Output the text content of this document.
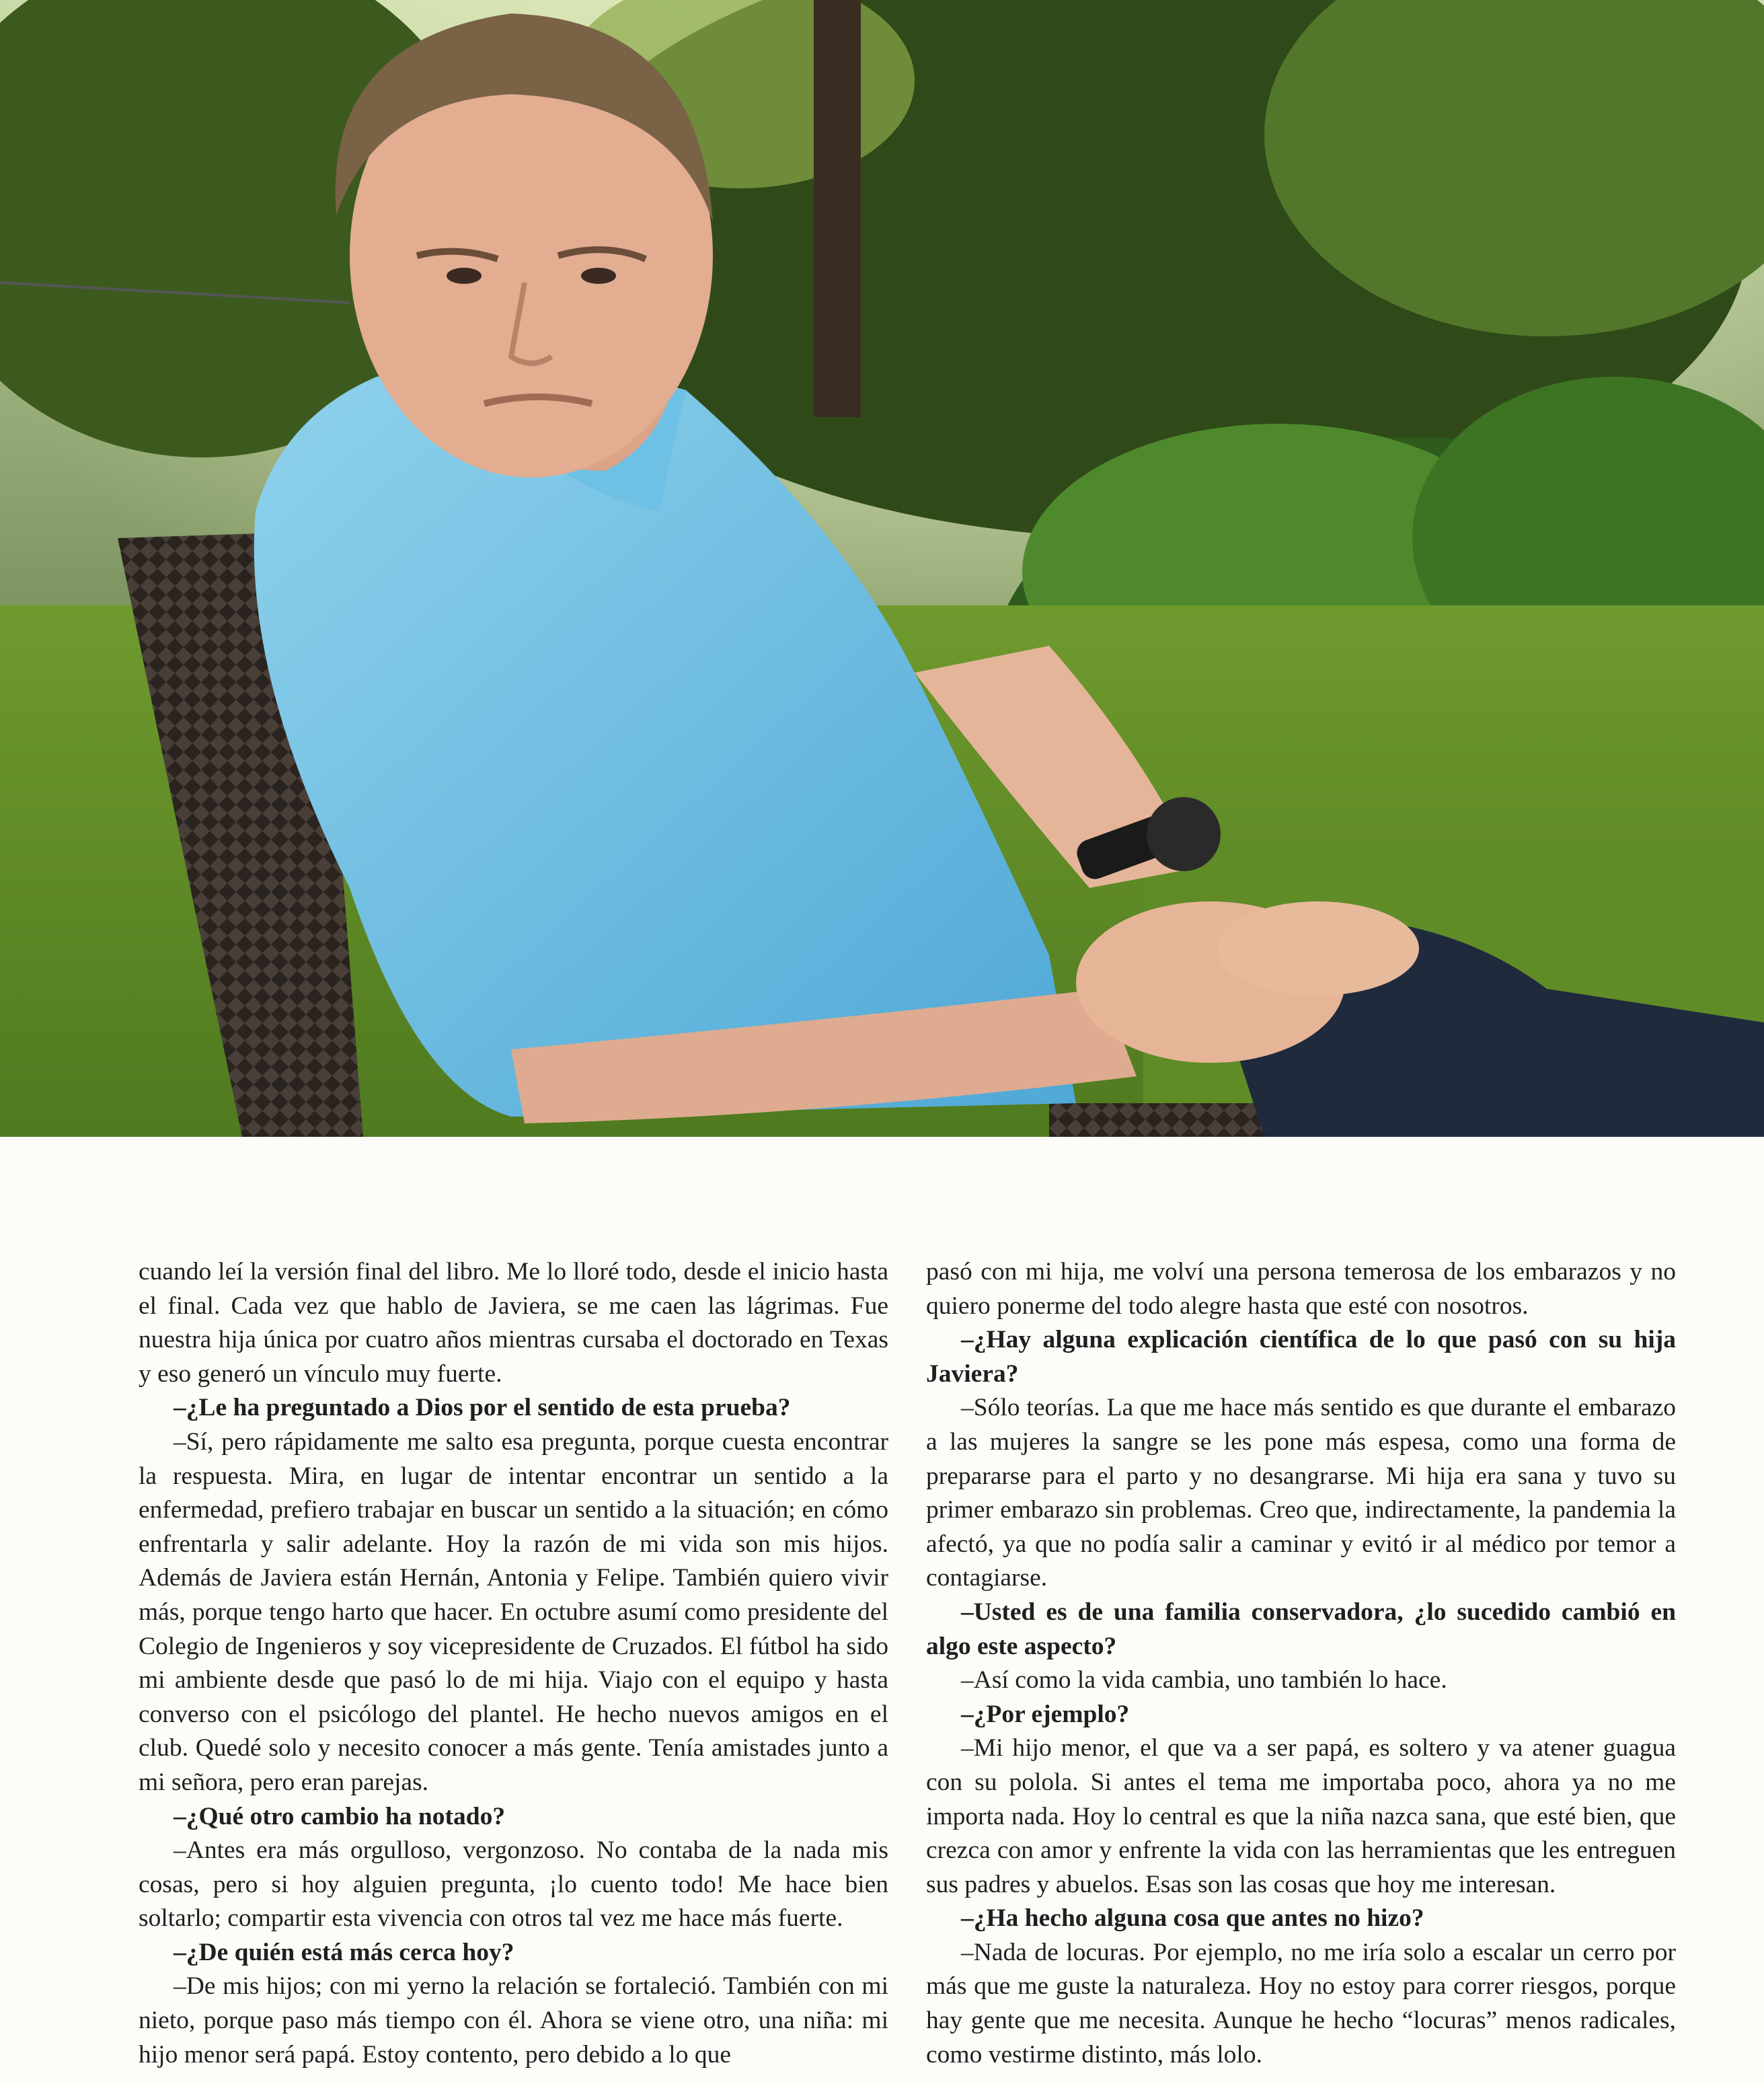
cuando leí la versión final del libro. Me lo lloré todo, desde el inicio hasta el final. Cada vez que hablo de Javiera, se me caen las lágrimas. Fue nuestra hija única por cuatro años mientras cursaba el doctorado en Texas y eso generó un vínculo muy fuerte.

–¿Le ha preguntado a Dios por el sentido de esta prueba?

–Sí, pero rápidamente me salto esa pregunta, porque cuesta encontrar la respuesta. Mira, en lugar de intentar encontrar un sentido a la enfermedad, prefiero trabajar en buscar un sentido a la situación; en cómo enfrentarla y salir adelante. Hoy la razón de mi vida son mis hijos. Además de Javiera están Hernán, Antonia y Felipe. También quiero vivir más, porque tengo harto que hacer. En octubre asumí como presidente del Colegio de Ingenieros y soy vicepresidente de Cruzados. El fútbol ha sido mi ambiente desde que pasó lo de mi hija. Viajo con el equipo y hasta converso con el psicólogo del plantel. He hecho nuevos amigos en el club. Quedé solo y necesito conocer a más gente. Tenía amistades junto a mi señora, pero eran parejas.

–¿Qué otro cambio ha notado?

–Antes era más orgulloso, vergonzoso. No contaba de la nada mis cosas, pero si hoy alguien pregunta, ¡lo cuento todo! Me hace bien soltarlo; compartir esta vivencia con otros tal vez me hace más fuerte.

–¿De quién está más cerca hoy?

–De mis hijos; con mi yerno la relación se fortaleció. También con mi nieto, porque paso más tiempo con él. Ahora se viene otro, una niña: mi hijo menor será papá. Estoy contento, pero debido a lo que

pasó con mi hija, me volví una persona temerosa de los embarazos y no quiero ponerme del todo alegre hasta que esté con nosotros.

–¿Hay alguna explicación científica de lo que pasó con su hija Javiera?

–Sólo teorías. La que me hace más sentido es que durante el embarazo a las mujeres la sangre se les pone más espesa, como una forma de prepararse para el parto y no desangrarse. Mi hija era sana y tuvo su primer embarazo sin problemas. Creo que, indirectamente, la pandemia la afectó, ya que no podía salir a caminar y evitó ir al médico por temor a contagiarse.

–Usted es de una familia conservadora, ¿lo sucedido cambió en algo este aspecto?

–Así como la vida cambia, uno también lo hace.

–¿Por ejemplo?

–Mi hijo menor, el que va a ser papá, es soltero y va atener guagua con su polola. Si antes el tema me importaba poco, ahora ya no me importa nada. Hoy lo central es que la niña nazca sana, que esté bien, que crezca con amor y enfrente la vida con las herramientas que les entreguen sus padres y abuelos. Esas son las cosas que hoy me interesan.

–¿Ha hecho alguna cosa que antes no hizo?

–Nada de locuras. Por ejemplo, no me iría solo a escalar un cerro por más que me guste la naturaleza. Hoy no estoy para correr riesgos, porque hay gente que me necesita. Aunque he hecho “locuras” menos radicales, como vestirme distinto, más lolo.
